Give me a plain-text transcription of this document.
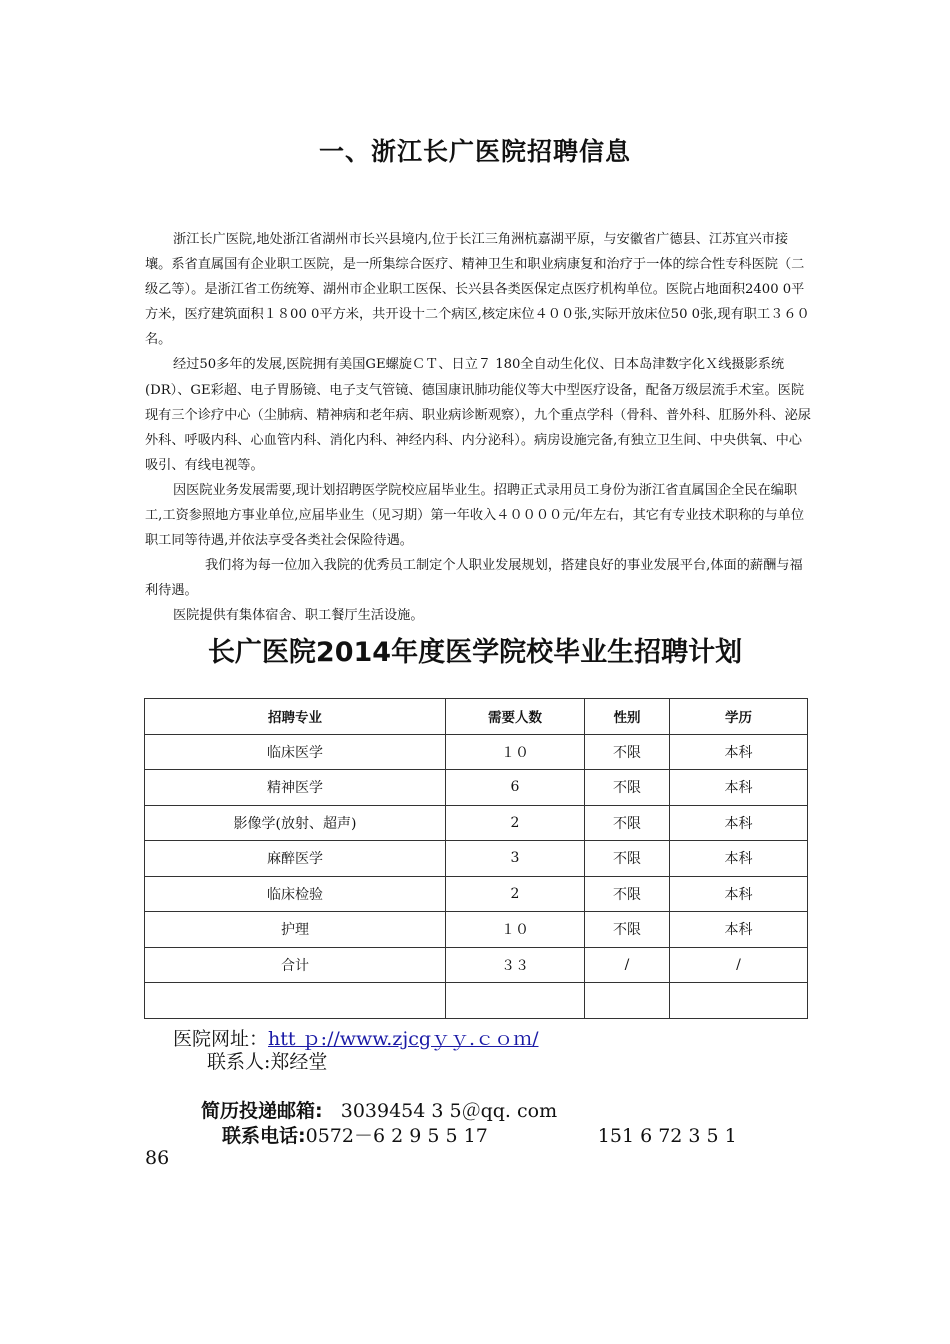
一、浙江长广医院招聘信息

浙江长广医院,地处浙江省湖州市长兴县境内,位于长江三角洲杭嘉湖平原，与安徽省广德县、江苏宜兴市接壤。系省直属国有企业职工医院，是一所集综合医疗、精神卫生和职业病康复和治疗于一体的综合性专科医院（二级乙等）。是浙江省工伤统筹、湖州市企业职工医保、长兴县各类医保定点医疗机构单位。医院占地面积2400 0平方米，医疗建筑面积１８00 0平方米，共开设十二个病区,核定床位４００张,实际开放床位50 0张,现有职工３６０名。

经过50多年的发展,医院拥有美国GE螺旋ＣＴ、日立７ 180全自动生化仪、日本岛津数字化Ｘ线摄影系统(DR）、GE彩超、电子胃肠镜、电子支气管镜、德国康讯肺功能仪等大中型医疗设备，配备万级层流手术室。医院现有三个诊疗中心（尘肺病、精神病和老年病、职业病诊断观察），九个重点学科（骨科、普外科、肛肠外科、泌尿外科、呼吸内科、心血管内科、消化内科、神经内科、内分泌科）。病房设施完备,有独立卫生间、中央供氧、中心吸引、有线电视等。

因医院业务发展需要,现计划招聘医学院校应届毕业生。招聘正式录用员工身份为浙江省直属国企全民在编职工,工资参照地方事业单位,应届毕业生（见习期）第一年收入４００００元/年左右，其它有专业技术职称的与单位职工同等待遇,并依法享受各类社会保险待遇。

我们将为每一位加入我院的优秀员工制定个人职业发展规划，搭建良好的事业发展平台,体面的薪酬与福利待遇。

医院提供有集体宿舍、职工餐厅生活设施。

长广医院2014年度医学院校毕业生招聘计划
招聘专业	需要人数	性别	学历
临床医学	１０	不限	本科
精神医学	6	不限	本科
影像学(放射、超声)	2	不限	本科
麻醉医学	3	不限	本科
临床检验	2	不限	本科
护理	１０	不限	本科
合计	３３	/	/

医院网址：htt ｐ://www.zjcgｙｙ.ｃｏｍ/
联系人:郑经堂
简历投递邮箱: 3039454 3 5＠qq. com
联系电话:0572－6 2 9 5 5 17	151 6 72 3 5 1
86
